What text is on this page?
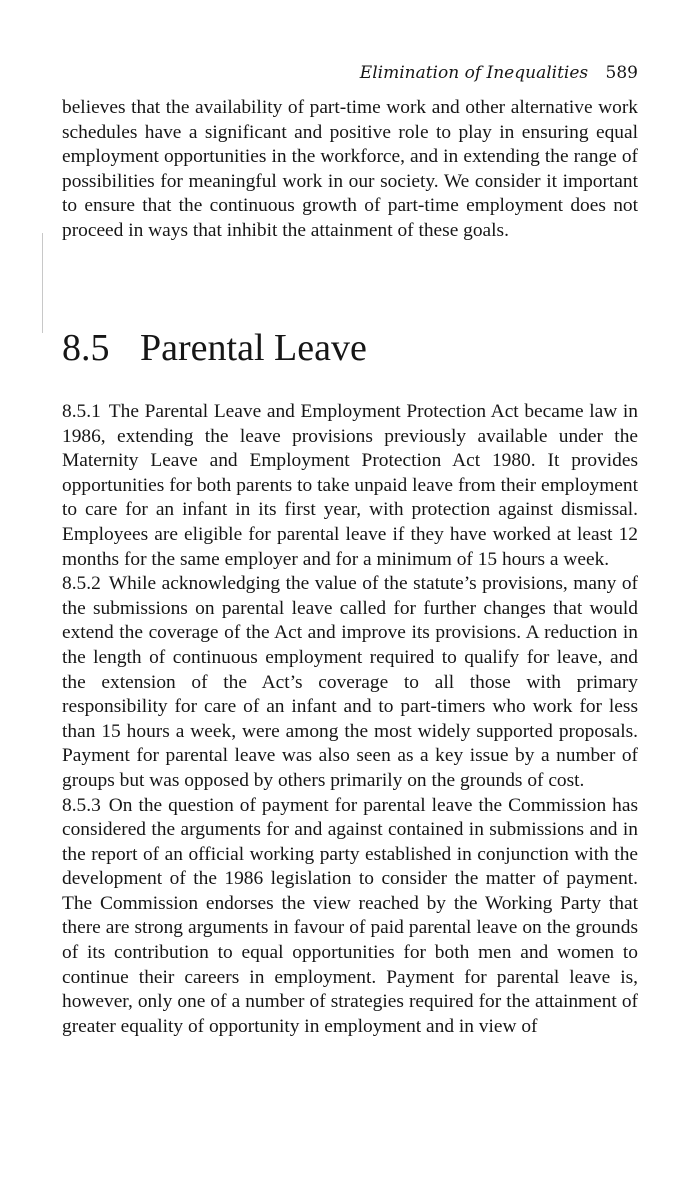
Elimination of Inequalities 589

believes that the availability of part-time work and other alternative work schedules have a significant and positive role to play in ensuring equal employment opportunities in the workforce, and in extending the range of possibilities for meaningful work in our society. We consider it important to ensure that the continuous growth of part-time employment does not proceed in ways that inhibit the attainment of these goals.

8.5 Parental Leave

8.5.1 The Parental Leave and Employment Protection Act became law in 1986, extending the leave provisions previously available under the Maternity Leave and Employment Protection Act 1980. It provides opportunities for both parents to take unpaid leave from their employment to care for an infant in its first year, with protection against dismissal. Employees are eligible for parental leave if they have worked at least 12 months for the same employer and for a minimum of 15 hours a week.

8.5.2 While acknowledging the value of the statute’s provisions, many of the submissions on parental leave called for further changes that would extend the coverage of the Act and improve its provisions. A reduction in the length of continuous employment required to qualify for leave, and the extension of the Act’s coverage to all those with primary responsibility for care of an infant and to part-timers who work for less than 15 hours a week, were among the most widely supported proposals. Payment for parental leave was also seen as a key issue by a number of groups but was opposed by others primarily on the grounds of cost.

8.5.3 On the question of payment for parental leave the Commission has considered the arguments for and against contained in submissions and in the report of an official working party established in conjunction with the development of the 1986 legislation to consider the matter of payment. The Commission endorses the view reached by the Working Party that there are strong arguments in favour of paid parental leave on the grounds of its contribution to equal opportunities for both men and women to continue their careers in employment. Payment for parental leave is, however, only one of a number of strategies required for the attainment of greater equality of opportunity in employment and in view of
